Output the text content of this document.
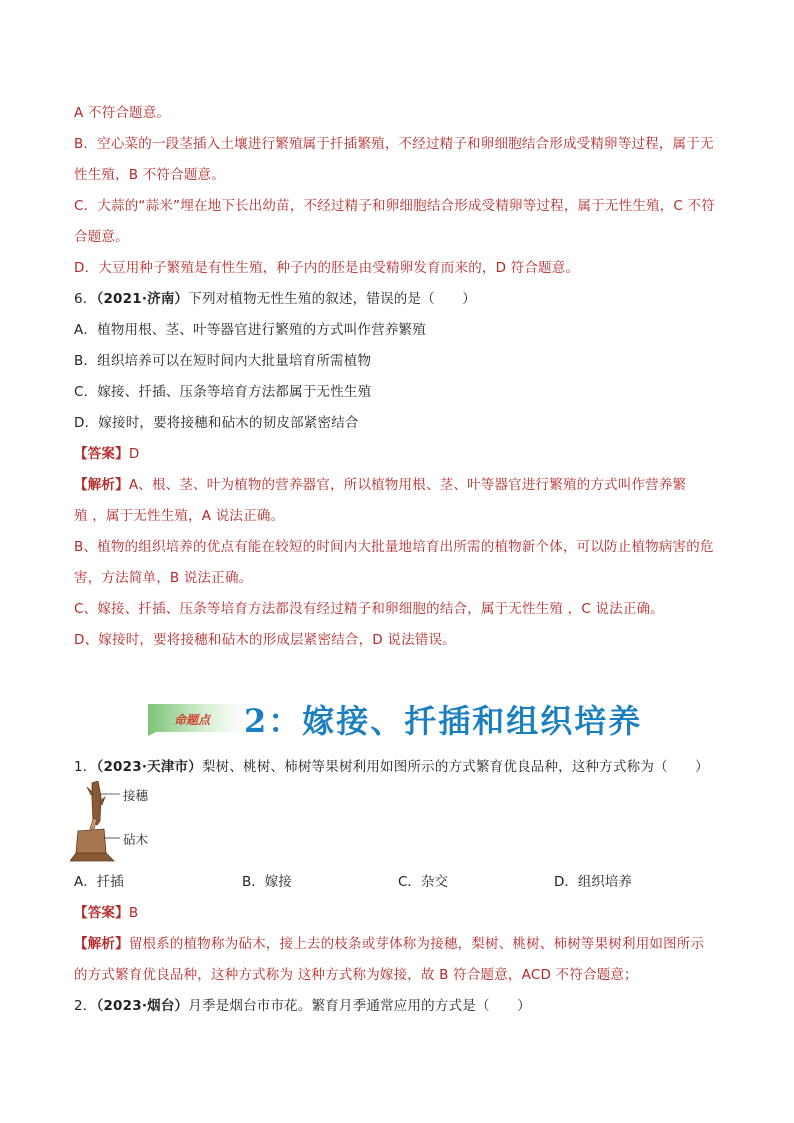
A 不符合题意。
B．空心菜的一段茎插入土壤进行繁殖属于扦插繁殖，不经过精子和卵细胞结合形成受精卵等过程，属于无
性生殖，B 不符合题意。
C．大蒜的“蒜米”埋在地下长出幼苗，不经过精子和卵细胞结合形成受精卵等过程，属于无性生殖，C 不符
合题意。
D．大豆用种子繁殖是有性生殖，种子内的胚是由受精卵发育而来的，D 符合题意。
6．（2021·济南）下列对植物无性生殖的叙述，错误的是（　　）
A．植物用根、茎、叶等器官进行繁殖的方式叫作营养繁殖
B．组织培养可以在短时间内大批量培育所需植物
C．嫁接、扦插、压条等培育方法都属于无性生殖
D．嫁接时，要将接穗和砧木的韧皮部紧密结合
【答案】D
【解析】A、根、茎、叶为植物的营养器官，所以植物用根、茎、叶等器官进行繁殖的方式叫作营养繁
殖 ，属于无性生殖，A 说法正确。
B、植物的组织培养的优点有能在较短的时间内大批量地培育出所需的植物新个体，可以防止植物病害的危
害，方法简单，B 说法正确。
C、嫁接、扦插、压条等培育方法都没有经过精子和卵细胞的结合，属于无性生殖 ，C 说法正确。
D、嫁接时，要将接穗和砧木的形成层紧密结合，D 说法错误。
命题点 2：嫁接、扦插和组织培养
1．（2023·天津市）梨树、桃树、柿树等果树利用如图所示的方式繁育优良品种，这种方式称为（　　）
接穗
砧木
A．扦插	B．嫁接	C．杂交	D．组织培养
【答案】B
【解析】留根系的植物称为砧木，接上去的枝条或芽体称为接穗，梨树、桃树、柿树等果树利用如图所示
的方式繁育优良品种，这种方式称为 这种方式称为嫁接，故 B 符合题意，ACD 不符合题意；
2．（2023·烟台）月季是烟台市市花。繁育月季通常应用的方式是（　　）
